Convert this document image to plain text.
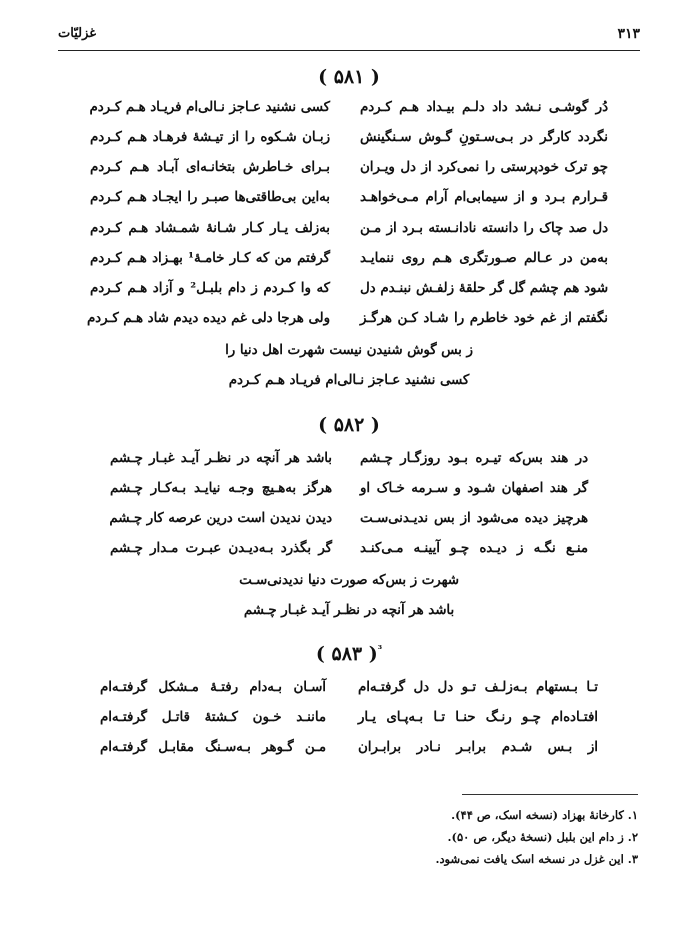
۳۱۳
غزلیّات
( ۵۸۱ )
دُر گوشـی نـشد داد دلـم بیـداد هـم کـردم
کسی نشنید عـاجز نـالی‌ام فریـاد هـم کـردم
نگردد کارگر در بـی‌سـتونِ گـوش سـنگینش
زبـان شـکوه را از تیـشهٔ فرهـاد هـم کـردم
چو ترک خودپرستی را نمی‌کرد از دل ویـران
بـرای خـاطرش بتخانـه‌ای آبـاد هـم کـردم
قـرارم بـرد و از سیمابی‌ام آرام مـی‌خواهـد
به‌این بی‌طاقتی‌ها صبـر را ایجـاد هـم کـردم
دل صد چاک را دانسته نادانـسته بـرد از مـن
به‌زلف یـار کـار شـانهٔ شمـشاد هـم کـردم
به‌من در عـالم صـورتگری هـم روی ننمایـد
گرفتم من که کـار خامـهٔ¹ بهـزاد هـم کـردم
شود هم چشم گل گر حلقهٔ زلفـش نبنـدم دل
که وا کـردم ز دام بلبـل² و آزاد هـم کـردم
نگفتم از غم خود خاطرم را شـاد کـن هرگـز
ولی هرجا دلی غم دیده دیدم شاد هـم کـردم
ز بس گوش شنیدن نیست شهرت اهل دنیا را
کسی نشنید عـاجز نـالی‌ام فریـاد هـم کـردم
( ۵۸۲ )
در هند بس‌که تیـره بـود روزگـار چـشم
باشد هر آنچه در نظـر آیـد غبـار چـشم
گر هند اصفهان شـود و سـرمه خـاک او
هرگز به‌هـیچ وجـه نیایـد بـه‌کـار چـشم
هرچیز دیده می‌شود از بس ندیـدنی‌سـت
دیدن ندیدن است درین عرصه کار چـشم
منـع نگـه ز دیـده چـو آیینـه مـی‌کنـد
گر بگذرد بـه‌دیـدن عبـرت مـدار چـشم
شهرت ز بس‌که صورت دنیا ندیدنی‌سـت
باشد هر آنچه در نظـر آیـد غبـار چـشم
$^{^3}$( ۵۸۳ )
تـا بـستهام بـه‌زلـف تـو دل دل گرفتـه‌ام
آسـان بـه‌دام رفتـهٔ مـشکل گرفتـه‌ام
افتـاده‌ام چـو رنـگ حنـا تـا بـه‌پـای یـار
ماننـد خـون کـشتهٔ قاتـل گرفتـه‌ام
از بـس شـدم برابـر نـادر برابـران
مـن گـوهر بـه‌سـنگ مقابـل گرفتـه‌ام
۱. کارخانهٔ بهزاد (نسخه اسک، ص ۴۴).
۲. ز دام این بلبل (نسخهٔ دیگر، ص ۵۰).
۳. این غزل در نسخه اسک یافت نمی‌شود.
